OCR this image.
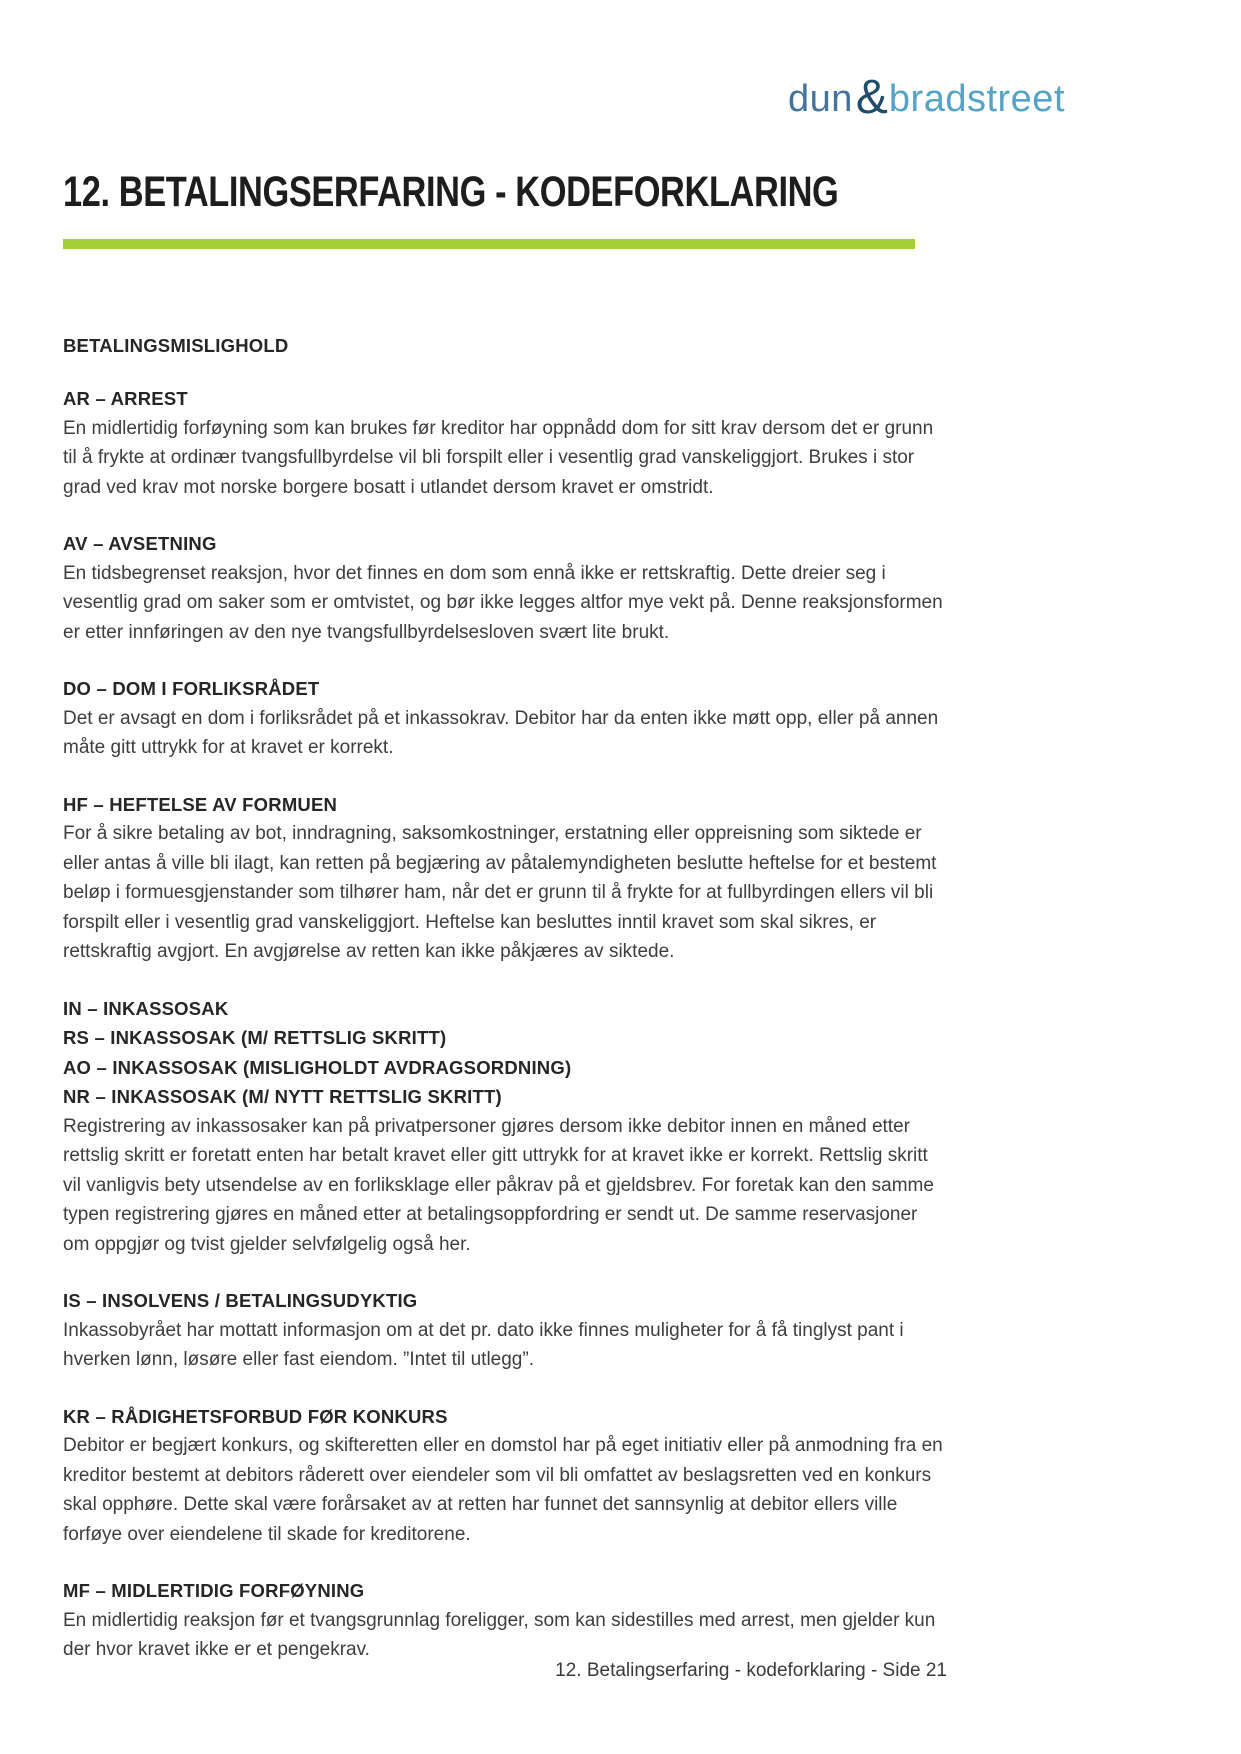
dun & bradstreet
12. BETALINGSERFARING - KODEFORKLARING
BETALINGSMISLIGHOLD
AR – ARREST

En midlertidig forføyning som kan brukes før kreditor har oppnådd dom for sitt krav dersom det er grunn til å frykte at ordinær tvangsfullbyrdelse vil bli forspilt eller i vesentlig grad vanskeliggjort. Brukes i stor grad ved krav mot norske borgere bosatt i utlandet dersom kravet er omstridt.

AV – AVSETNING

En tidsbegrenset reaksjon, hvor det finnes en dom som ennå ikke er rettskraftig. Dette dreier seg i vesentlig grad om saker som er omtvistet, og bør ikke legges altfor mye vekt på. Denne reaksjonsformen er etter innføringen av den nye tvangsfullbyrdelsesloven svært lite brukt.

DO – DOM I FORLIKSRÅDET

Det er avsagt en dom i forliksrådet på et inkassokrav. Debitor har da enten ikke møtt opp, eller på annen måte gitt uttrykk for at kravet er korrekt.

HF – HEFTELSE AV FORMUEN

For å sikre betaling av bot, inndragning, saksomkostninger, erstatning eller oppreisning som siktede er eller antas å ville bli ilagt, kan retten på begjæring av påtalemyndigheten beslutte heftelse for et bestemt beløp i formuesgjenstander som tilhører ham, når det er grunn til å frykte for at fullbyrdingen ellers vil bli forspilt eller i vesentlig grad vanskeliggjort. Heftelse kan besluttes inntil kravet som skal sikres, er rettskraftig avgjort. En avgjørelse av retten kan ikke påkjæres av siktede.

IN – INKASSOSAK
RS – INKASSOSAK (M/ RETTSLIG SKRITT)
AO – INKASSOSAK (MISLIGHOLDT AVDRAGSORDNING)
NR – INKASSOSAK (M/ NYTT RETTSLIG SKRITT)

Registrering av inkassosaker kan på privatpersoner gjøres dersom ikke debitor innen en måned etter rettslig skritt er foretatt enten har betalt kravet eller gitt uttrykk for at kravet ikke er korrekt. Rettslig skritt vil vanligvis bety utsendelse av en forliksklage eller påkrav på et gjeldsbrev. For foretak kan den samme typen registrering gjøres en måned etter at betalingsoppfordring er sendt ut. De samme reservasjoner om oppgjør og tvist gjelder selvfølgelig også her.

IS – INSOLVENS / BETALINGSUDYKTIG

Inkassobyrået har mottatt informasjon om at det pr. dato ikke finnes muligheter for å få tinglyst pant i hverken lønn, løsøre eller fast eiendom. ”Intet til utlegg”.

KR – RÅDIGHETSFORBUD FØR KONKURS

Debitor er begjært konkurs, og skifteretten eller en domstol har på eget initiativ eller på anmodning fra en kreditor bestemt at debitors råderett over eiendeler som vil bli omfattet av beslagsretten ved en konkurs skal opphøre. Dette skal være forårsaket av at retten har funnet det sannsynlig at debitor ellers ville forføye over eiendelene til skade for kreditorene.

MF – MIDLERTIDIG FORFØYNING

En midlertidig reaksjon før et tvangsgrunnlag foreligger, som kan sidestilles med arrest, men gjelder kun der hvor kravet ikke er et pengekrav.

12. Betalingserfaring - kodeforklaring - Side 21
